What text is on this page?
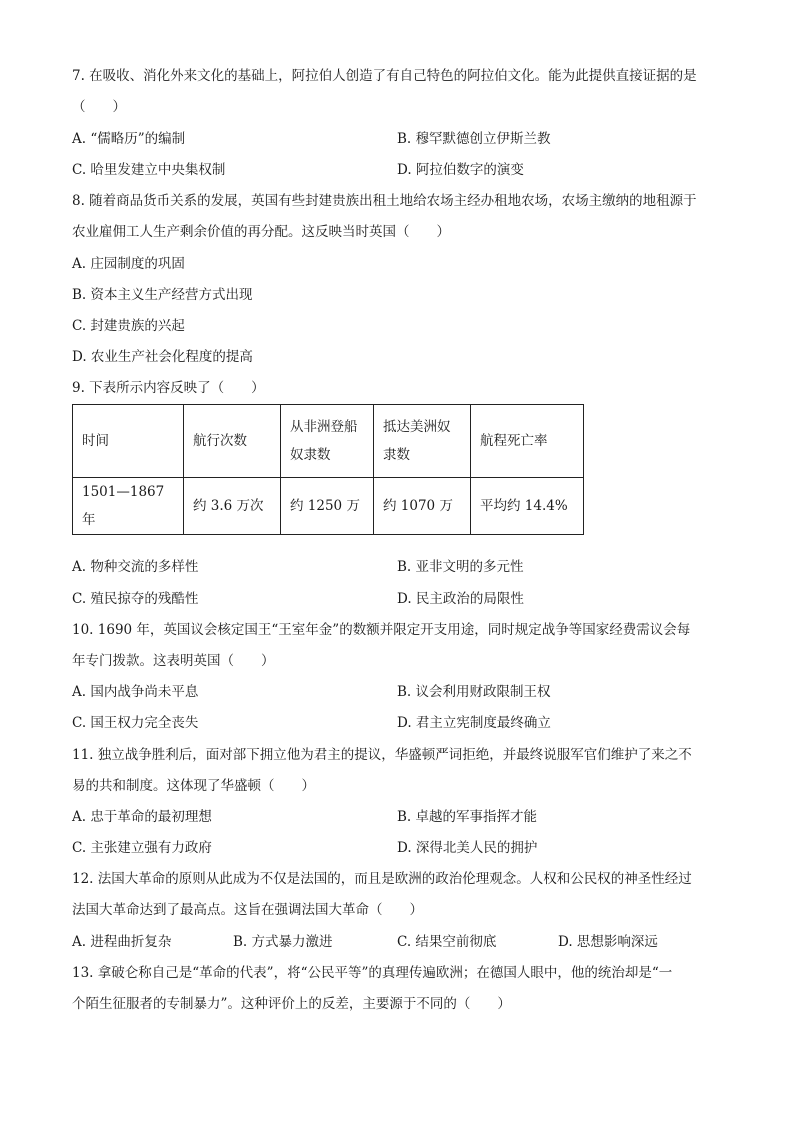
7. 在吸收、消化外来文化的基础上，阿拉伯人创造了有自己特色的阿拉伯文化。能为此提供直接证据的是
（　　）
A. “儒略历”的编制	B. 穆罕默德创立伊斯兰教
C. 哈里发建立中央集权制	D. 阿拉伯数字的演变
8. 随着商品货币关系的发展，英国有些封建贵族出租土地给农场主经办租地农场，农场主缴纳的地租源于
农业雇佣工人生产剩余价值的再分配。这反映当时英国（　　）
A. 庄园制度的巩固
B. 资本主义生产经营方式出现
C. 封建贵族的兴起
D. 农业生产社会化程度的提高
9. 下表所示内容反映了（　　）
时间	航行次数	从非洲登船奴隶数	抵达美洲奴隶数	航程死亡率
1501—1867 年	约 3.6 万次	约 1250 万	约 1070 万	平均约 14.4%
A. 物种交流的多样性	B. 亚非文明的多元性
C. 殖民掠夺的残酷性	D. 民主政治的局限性
10. 1690 年，英国议会核定国王“王室年金”的数额并限定开支用途，同时规定战争等国家经费需议会每
年专门拨款。这表明英国（　　）
A. 国内战争尚未平息	B. 议会利用财政限制王权
C. 国王权力完全丧失	D. 君主立宪制度最终确立
11. 独立战争胜利后，面对部下拥立他为君主的提议，华盛顿严词拒绝，并最终说服军官们维护了来之不
易的共和制度。这体现了华盛顿（　　）
A. 忠于革命的最初理想	B. 卓越的军事指挥才能
C. 主张建立强有力政府	D. 深得北美人民的拥护
12. 法国大革命的原则从此成为不仅是法国的，而且是欧洲的政治伦理观念。人权和公民权的神圣性经过
法国大革命达到了最高点。这旨在强调法国大革命（　　）
A. 进程曲折复杂	B. 方式暴力激进	C. 结果空前彻底	D. 思想影响深远
13. 拿破仑称自己是“革命的代表”，将“公民平等”的真理传遍欧洲；在德国人眼中，他的统治却是“一
个陌生征服者的专制暴力”。这种评价上的反差，主要源于不同的（　　）
